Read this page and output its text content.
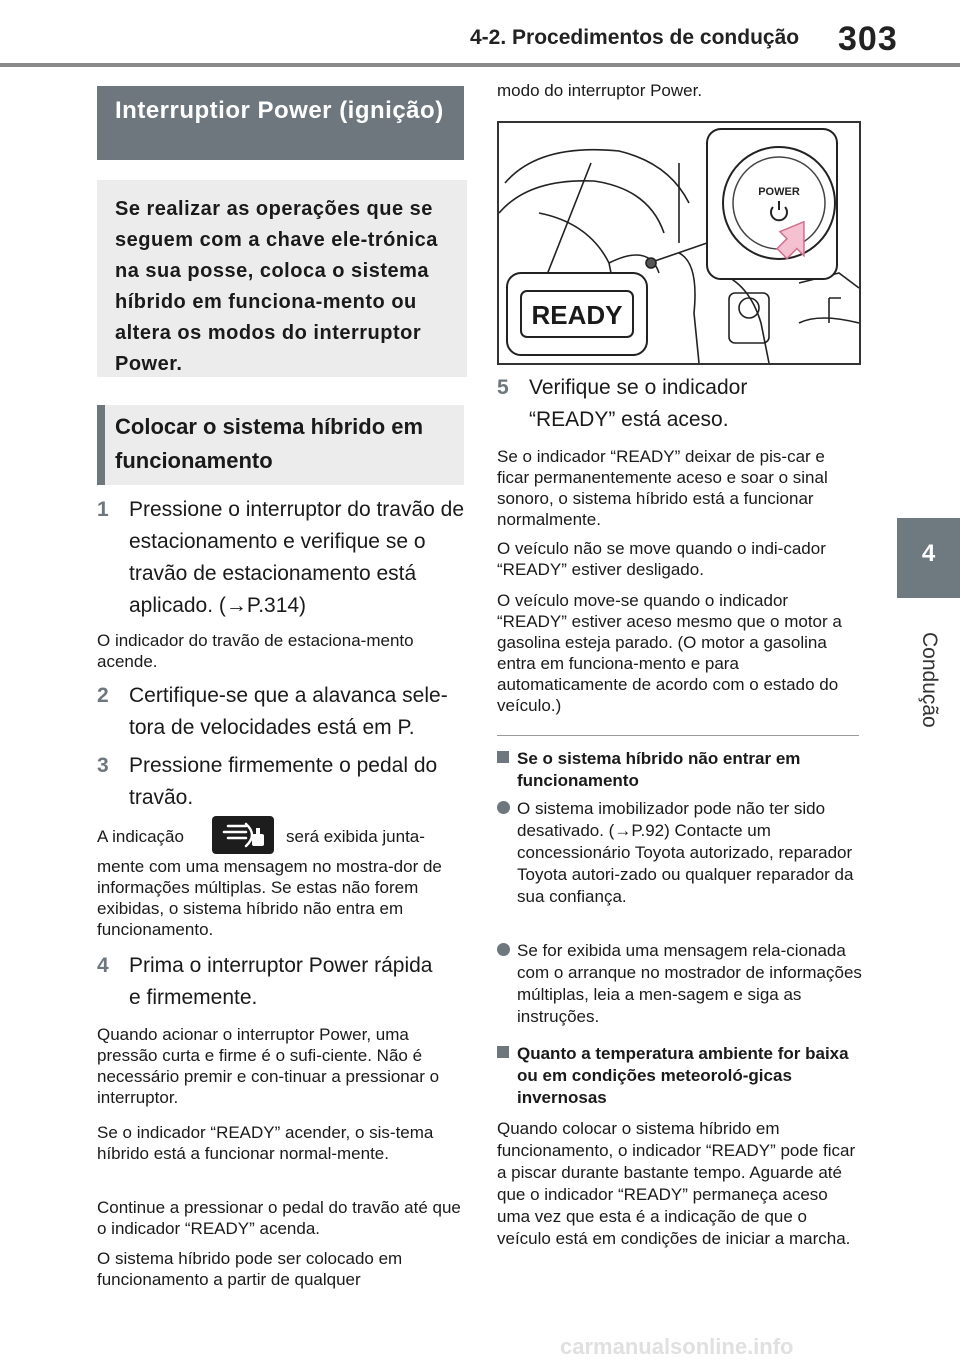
4-2. Procedimentos de condução 303
4
Condução
Interruptior Power (ignição)
Se realizar as operações que se seguem com a chave ele-trónica na sua posse, coloca o sistema híbrido em funciona-mento ou altera os modos do interruptor Power.
Colocar o sistema híbrido em funcionamento
1 Pressione o interruptor do travão de estacionamento e verifique se o travão de estacionamento está aplicado. (→P.314)
O indicador do travão de estaciona-mento acende.
2 Certifique-se que a alavanca sele-tora de velocidades está em P.
3 Pressione firmemente o pedal do travão.
A indicação	será exibida junta-
mente com uma mensagem no mostra-dor de informações múltiplas. Se estas não forem exibidas, o sistema híbrido não entra em funcionamento.
4 Prima o interruptor Power rápida e firmemente.
Quando acionar o interruptor Power, uma pressão curta e firme é o sufi-ciente. Não é necessário premir e con-tinuar a pressionar o interruptor.
Se o indicador “READY” acender, o sis-tema híbrido está a funcionar normal-mente.
Continue a pressionar o pedal do travão até que o indicador “READY” acenda.
O sistema híbrido pode ser colocado em funcionamento a partir de qualquer
modo do interruptor Power.
POWER
READY
5 Verifique se o indicador “READY” está aceso.
Se o indicador “READY” deixar de pis-car e ficar permanentemente aceso e soar o sinal sonoro, o sistema híbrido está a funcionar normalmente.
O veículo não se move quando o indi-cador “READY” estiver desligado.
O veículo move-se quando o indicador “READY” estiver aceso mesmo que o motor a gasolina esteja parado. (O motor a gasolina entra em funciona-mento e para automaticamente de acordo com o estado do veículo.)
Se o sistema híbrido não entrar em funcionamento
O sistema imobilizador pode não ter sido desativado. (→P.92) Contacte um concessionário Toyota autorizado, reparador Toyota autori-zado ou qualquer reparador da sua confiança.
Se for exibida uma mensagem rela-cionada com o arranque no mostrador de informações múltiplas, leia a men-sagem e siga as instruções.
Quanto a temperatura ambiente for baixa ou em condições meteoroló-gicas invernosas
Quando colocar o sistema híbrido em funcionamento, o indicador “READY” pode ficar a piscar durante bastante tempo. Aguarde até que o indicador “READY” permaneça aceso uma vez que esta é a indicação de que o veículo está em condições de iniciar a marcha.
carmanualsonline.info
